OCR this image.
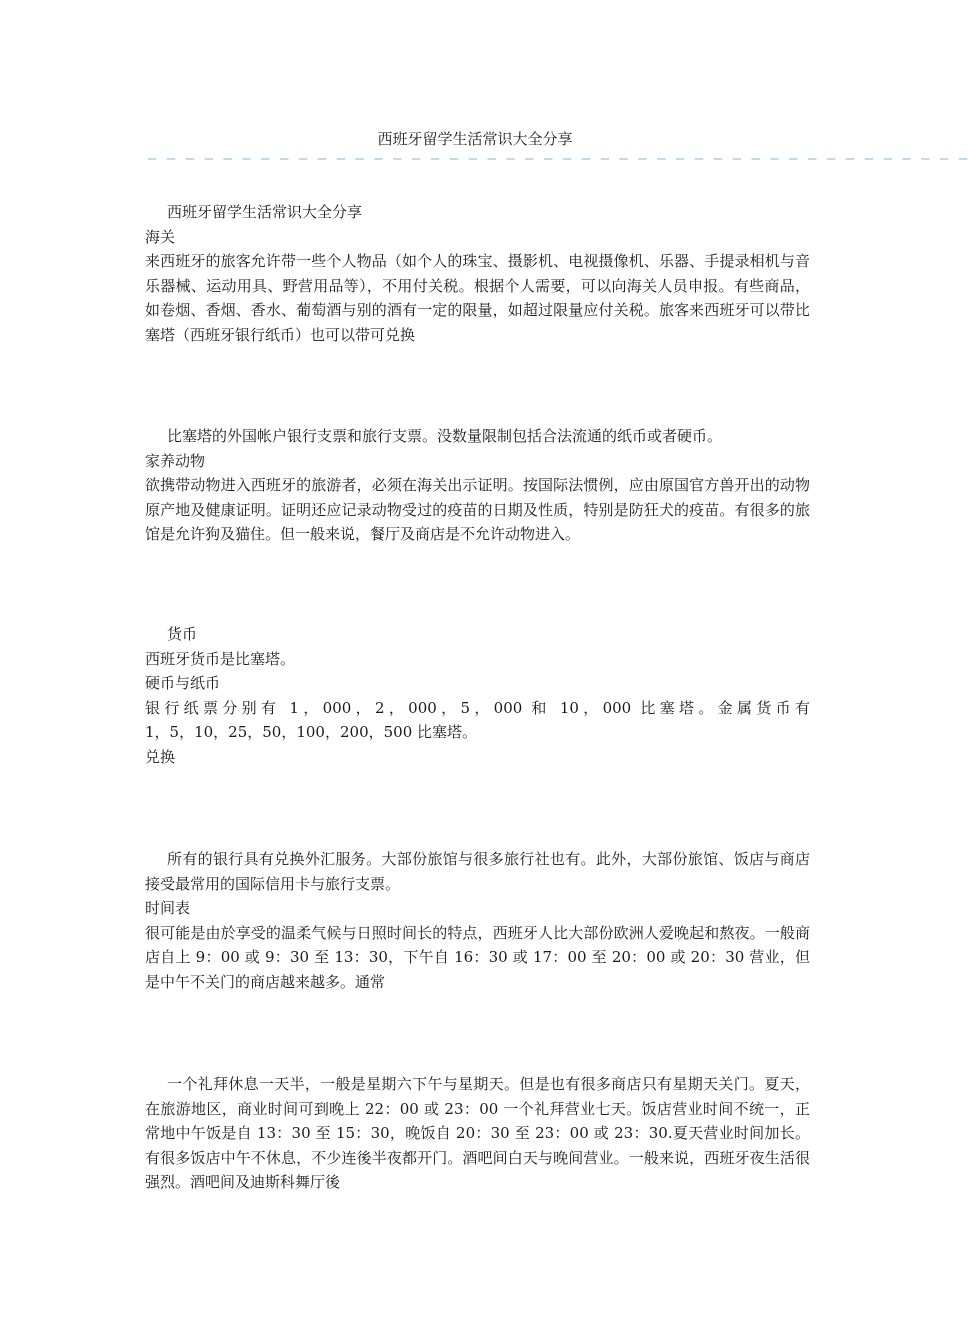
西班牙留学生活常识大全分享
— — — — — — — — — — — — — — — — — — — — — — — — — — — — — — — — — — — — — — — — — — — —

西班牙留学生活常识大全分享

海关

来西班牙的旅客允许带一些个人物品（如个人的珠宝、摄影机、电视摄像机、乐器、手提录相机与音乐器械、运动用具、野营用品等），不用付关税。根据个人需要，可以向海关人员申报。有些商品，如卷烟、香烟、香水、葡萄酒与别的酒有一定的限量，如超过限量应付关税。旅客来西班牙可以带比塞塔（西班牙银行纸币）也可以带可兑换

比塞塔的外国帐户银行支票和旅行支票。没数量限制包括合法流通的纸币或者硬币。

家养动物

欲携带动物进入西班牙的旅游者，必须在海关出示证明。按国际法惯例，应由原国官方兽开出的动物原产地及健康证明。证明还应记录动物受过的疫苗的日期及性质，特别是防狂犬的疫苗。有很多的旅馆是允许狗及猫住。但一般来说，餐厅及商店是不允许动物进入。

货币

西班牙货币是比塞塔。

硬币与纸币

银行纸票分别有 1，000，2，000，5，000 和 10，000 比塞塔。金属货币有

1，5，10，25，50，100，200，500 比塞塔。

兑换

所有的银行具有兑换外汇服务。大部份旅馆与很多旅行社也有。此外，大部份旅馆、饭店与商店接受最常用的国际信用卡与旅行支票。

时间表

很可能是由於享受的温柔气候与日照时间长的特点，西班牙人比大部份欧洲人爱晚起和熬夜。一般商店自上 9：00 或 9：30 至 13：30，下午自 16：30 或 17：00 至 20：00 或 20：30 营业，但是中午不关门的商店越来越多。通常

一个礼拜休息一天半，一般是星期六下午与星期天。但是也有很多商店只有星期天关门。夏天，在旅游地区，商业时间可到晚上 22：00 或 23：00 一个礼拜营业七天。饭店营业时间不统一，正常地中午饭是自 13：30 至 15：30，晚饭自 20：30 至 23：00 或 23：30.夏天营业时间加长。有很多饭店中午不休息，不少连後半夜都开门。酒吧间白天与晚间营业。一般来说，西班牙夜生活很强烈。酒吧间及迪斯科舞厅後
